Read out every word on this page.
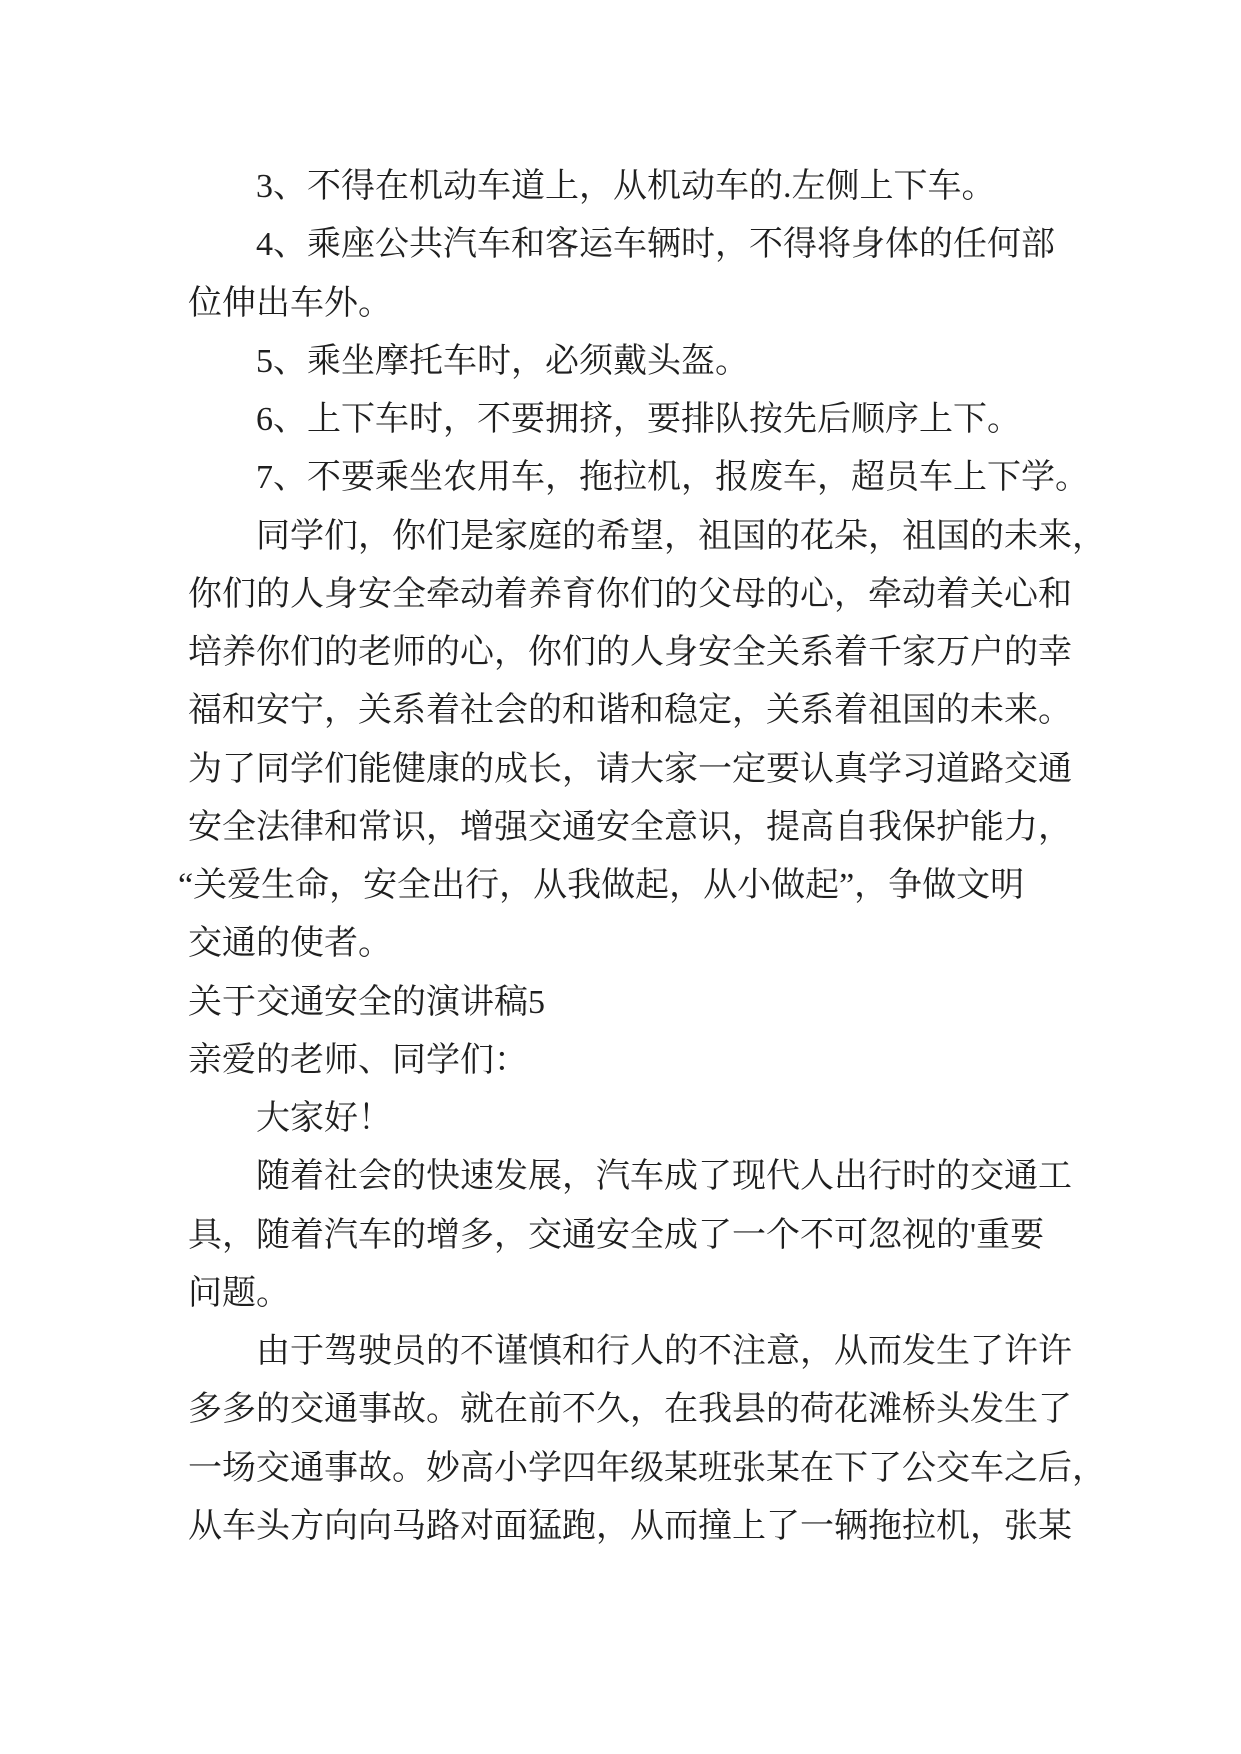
3、不得在机动车道上，从机动车的.左侧上下车。
4、乘座公共汽车和客运车辆时，不得将身体的任何部
位伸出车外。
5、乘坐摩托车时，必须戴头盔。
6、上下车时，不要拥挤，要排队按先后顺序上下。
7、不要乘坐农用车，拖拉机，报废车，超员车上下学。
同学们，你们是家庭的希望，祖国的花朵，祖国的未来，
你们的人身安全牵动着养育你们的父母的心，牵动着关心和
培养你们的老师的心，你们的人身安全关系着千家万户的幸
福和安宁，关系着社会的和谐和稳定，关系着祖国的未来。
为了同学们能健康的成长，请大家一定要认真学习道路交通
安全法律和常识，增强交通安全意识，提高自我保护能力，
“关爱生命，安全出行，从我做起，从小做起”，争做文明
交通的使者。
关于交通安全的演讲稿5
亲爱的老师、同学们：
大家好！
随着社会的快速发展，汽车成了现代人出行时的交通工
具，随着汽车的增多，交通安全成了一个不可忽视的'重要
问题。
由于驾驶员的不谨慎和行人的不注意，从而发生了许许
多多的交通事故。就在前不久，在我县的荷花滩桥头发生了
一场交通事故。妙高小学四年级某班张某在下了公交车之后，
从车头方向向马路对面猛跑，从而撞上了一辆拖拉机，张某
